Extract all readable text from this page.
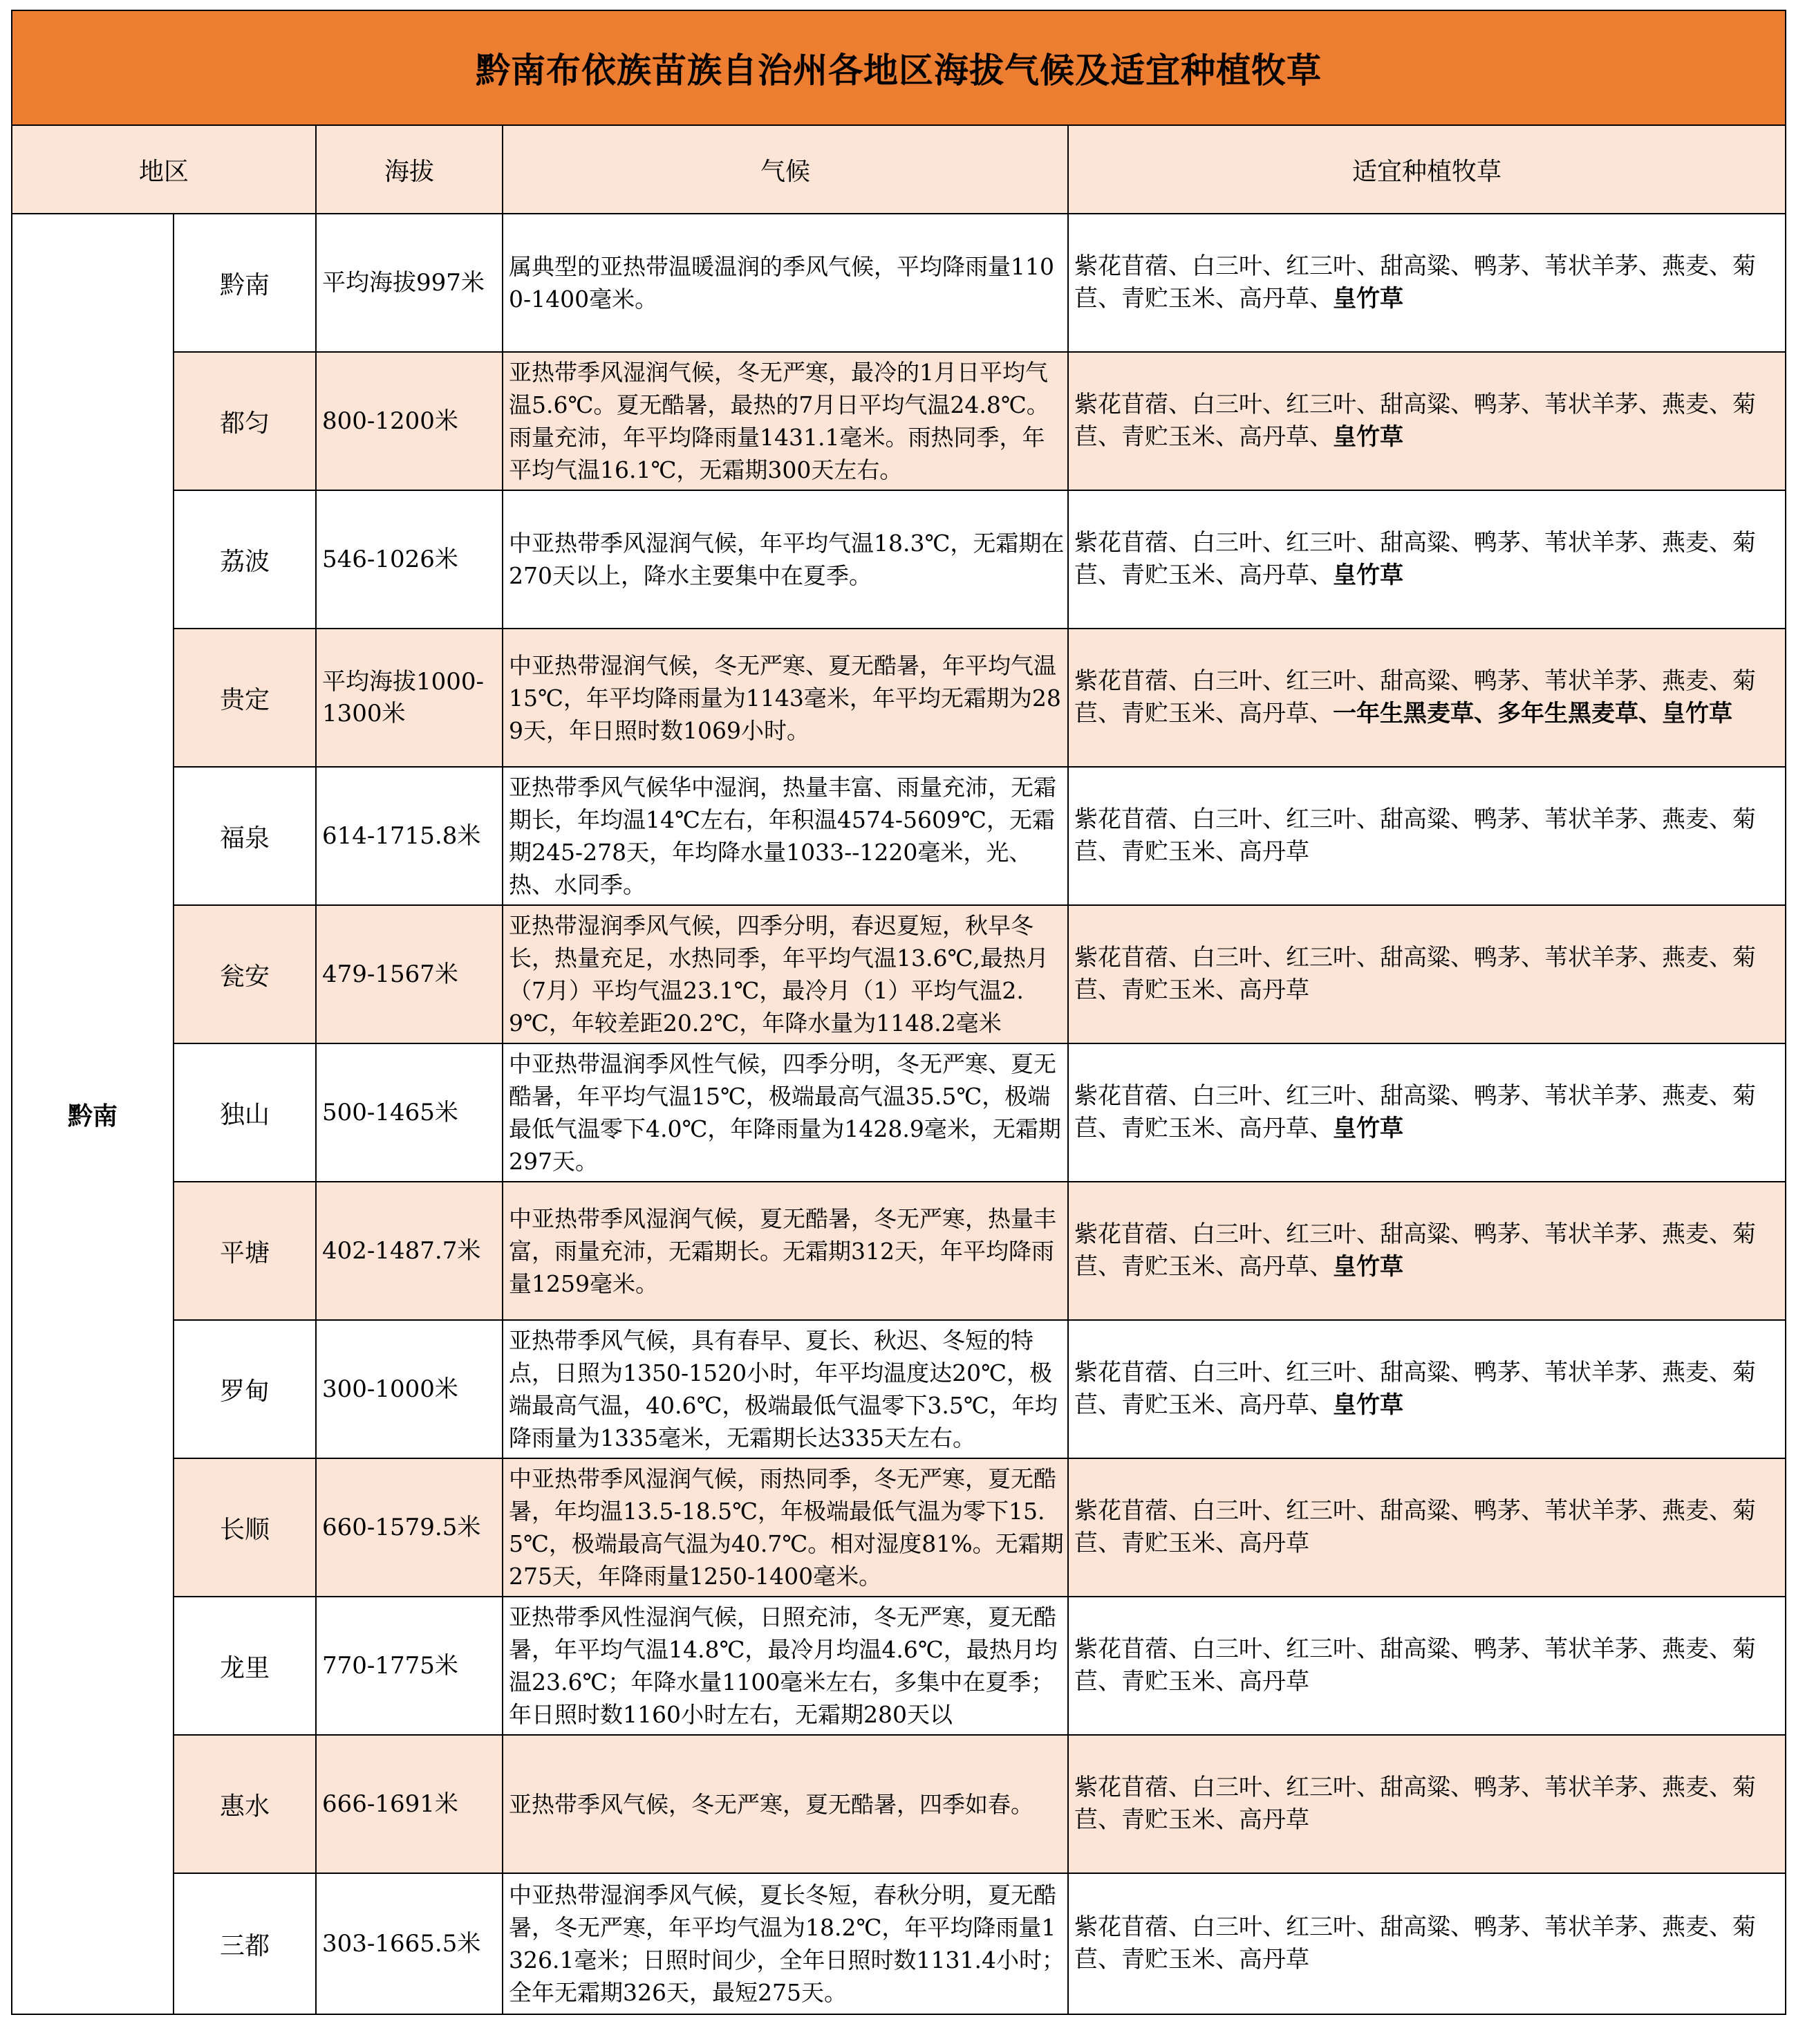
黔南布依族苗族自治州各地区海拔气候及适宜种植牧草				
地区		海拔	气候	适宜种植牧草
黔南	黔南	平均海拔997米	属典型的亚热带温暖温润的季风气候，平均降雨量1100-1400毫米。	紫花苜蓿、白三叶、红三叶、甜高粱、鸭茅、苇状羊茅、燕麦、菊苣、青贮玉米、高丹草、皇竹草
	都匀	800-1200米	亚热带季风湿润气候，冬无严寒，最冷的1月日平均气温5.6℃。夏无酷暑，最热的7月日平均气温24.8℃。雨量充沛，年平均降雨量1431.1毫米。雨热同季，年平均气温16.1℃，无霜期300天左右。	紫花苜蓿、白三叶、红三叶、甜高粱、鸭茅、苇状羊茅、燕麦、菊苣、青贮玉米、高丹草、皇竹草
	荔波	546-1026米	中亚热带季风湿润气候，年平均气温18.3℃，无霜期在270天以上，降水主要集中在夏季。	紫花苜蓿、白三叶、红三叶、甜高粱、鸭茅、苇状羊茅、燕麦、菊苣、青贮玉米、高丹草、皇竹草
	贵定	平均海拔1000-1300米	中亚热带湿润气候，冬无严寒、夏无酷暑，年平均气温15℃，年平均降雨量为1143毫米，年平均无霜期为289天，年日照时数1069小时。	紫花苜蓿、白三叶、红三叶、甜高粱、鸭茅、苇状羊茅、燕麦、菊苣、青贮玉米、高丹草、一年生黑麦草、多年生黑麦草、皇竹草
	福泉	614-1715.8米	亚热带季风气候华中湿润，热量丰富、雨量充沛，无霜期长，年均温14℃左右，年积温4574-5609℃，无霜期245-278天，年均降水量1033--1220毫米，光、热、水同季。	紫花苜蓿、白三叶、红三叶、甜高粱、鸭茅、苇状羊茅、燕麦、菊苣、青贮玉米、高丹草
	瓮安	479-1567米	亚热带湿润季风气候，四季分明，春迟夏短，秋早冬长，热量充足，水热同季，年平均气温13.6℃,最热月（7月）平均气温23.1℃，最冷月（1）平均气温2.9℃，年较差距20.2℃，年降水量为1148.2毫米	紫花苜蓿、白三叶、红三叶、甜高粱、鸭茅、苇状羊茅、燕麦、菊苣、青贮玉米、高丹草
	独山	500-1465米	中亚热带温润季风性气候，四季分明，冬无严寒、夏无酷暑，年平均气温15℃，极端最高气温35.5℃，极端最低气温零下4.0℃，年降雨量为1428.9毫米，无霜期297天。	紫花苜蓿、白三叶、红三叶、甜高粱、鸭茅、苇状羊茅、燕麦、菊苣、青贮玉米、高丹草、皇竹草
	平塘	402-1487.7米	中亚热带季风湿润气候，夏无酷暑，冬无严寒，热量丰富，雨量充沛，无霜期长。无霜期312天，年平均降雨量1259毫米。	紫花苜蓿、白三叶、红三叶、甜高粱、鸭茅、苇状羊茅、燕麦、菊苣、青贮玉米、高丹草、皇竹草
	罗甸	300-1000米	亚热带季风气候，具有春早、夏长、秋迟、冬短的特点，日照为1350-1520小时，年平均温度达20℃，极端最高气温，40.6℃，极端最低气温零下3.5℃，年均降雨量为1335毫米，无霜期长达335天左右。	紫花苜蓿、白三叶、红三叶、甜高粱、鸭茅、苇状羊茅、燕麦、菊苣、青贮玉米、高丹草、皇竹草
	长顺	660-1579.5米	中亚热带季风湿润气候，雨热同季，冬无严寒，夏无酷暑，年均温13.5-18.5℃，年极端最低气温为零下15.5℃，极端最高气温为40.7℃。相对湿度81%。无霜期275天，年降雨量1250-1400毫米。	紫花苜蓿、白三叶、红三叶、甜高粱、鸭茅、苇状羊茅、燕麦、菊苣、青贮玉米、高丹草
	龙里	770-1775米	亚热带季风性湿润气候，日照充沛，冬无严寒，夏无酷暑，年平均气温14.8℃，最冷月均温4.6℃，最热月均温23.6℃；年降水量1100毫米左右，多集中在夏季；年日照时数1160小时左右，无霜期280天以	紫花苜蓿、白三叶、红三叶、甜高粱、鸭茅、苇状羊茅、燕麦、菊苣、青贮玉米、高丹草
	惠水	666-1691米	亚热带季风气候，冬无严寒，夏无酷暑，四季如春。	紫花苜蓿、白三叶、红三叶、甜高粱、鸭茅、苇状羊茅、燕麦、菊苣、青贮玉米、高丹草
	三都	303-1665.5米	中亚热带湿润季风气候，夏长冬短，春秋分明，夏无酷暑，冬无严寒，年平均气温为18.2℃，年平均降雨量1326.1毫米；日照时间少，全年日照时数1131.4小时；全年无霜期326天，最短275天。	紫花苜蓿、白三叶、红三叶、甜高粱、鸭茅、苇状羊茅、燕麦、菊苣、青贮玉米、高丹草
